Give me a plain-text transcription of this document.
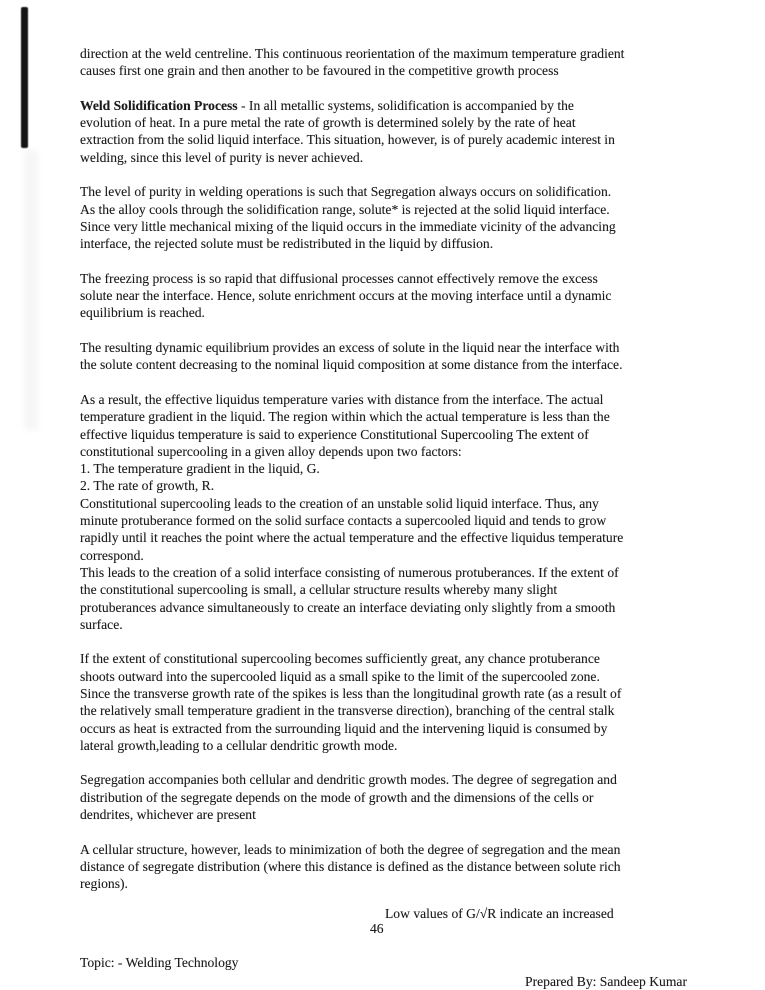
direction at the weld centreline. This continuous reorientation of the maximum temperature gradient
causes first one grain and then another to be favoured in the competitive growth process
Weld Solidification Process - In all metallic systems, solidification is accompanied by the
evolution of heat. In a pure metal the rate of growth is determined solely by the rate of heat
extraction from the solid liquid interface. This situation, however, is of purely academic interest in
welding, since this level of purity is never achieved.
The level of purity in welding operations is such that Segregation always occurs on solidification.
As the alloy cools through the solidification range, solute* is rejected at the solid liquid interface.
Since very little mechanical mixing of the liquid occurs in the immediate vicinity of the advancing
interface, the rejected solute must be redistributed in the liquid by diffusion.
The freezing process is so rapid that diffusional processes cannot effectively remove the excess
solute near the interface. Hence, solute enrichment occurs at the moving interface until a dynamic
equilibrium is reached.
The resulting dynamic equilibrium provides an excess of solute in the liquid near the interface with
the solute content decreasing to the nominal liquid composition at some distance from the interface.
As a result, the effective liquidus temperature varies with distance from the interface. The actual
temperature gradient in the liquid. The region within which the actual temperature is less than the
effective liquidus temperature is said to experience Constitutional Supercooling The extent of
constitutional supercooling in a given alloy depends upon two factors:
1. The temperature gradient in the liquid, G.
2. The rate of growth, R.
Constitutional supercooling leads to the creation of an unstable solid liquid interface. Thus, any
minute protuberance formed on the solid surface contacts a supercooled liquid and tends to grow
rapidly until it reaches the point where the actual temperature and the effective liquidus temperature
correspond.
This leads to the creation of a solid interface consisting of numerous protuberances. If the extent of
the constitutional supercooling is small, a cellular structure results whereby many slight
protuberances advance simultaneously to create an interface deviating only slightly from a smooth
surface.
If the extent of constitutional supercooling becomes sufficiently great, any chance protuberance
shoots outward into the supercooled liquid as a small spike to the limit of the supercooled zone.
Since the transverse growth rate of the spikes is less than the longitudinal growth rate (as a result of
the relatively small temperature gradient in the transverse direction), branching of the central stalk
occurs as heat is extracted from the surrounding liquid and the intervening liquid is consumed by
lateral growth,leading to a cellular dendritic growth mode.
Segregation accompanies both cellular and dendritic growth modes. The degree of segregation and
distribution of the segregate depends on the mode of growth and the dimensions of the cells or
dendrites, whichever are present
A cellular structure, however, leads to minimization of both the degree of segregation and the mean
distance of segregate distribution (where this distance is defined as the distance between solute rich
regions).
Low values of G/√R indicate an increased
46
Topic: - Welding Technology
Prepared By: Sandeep Kumar
